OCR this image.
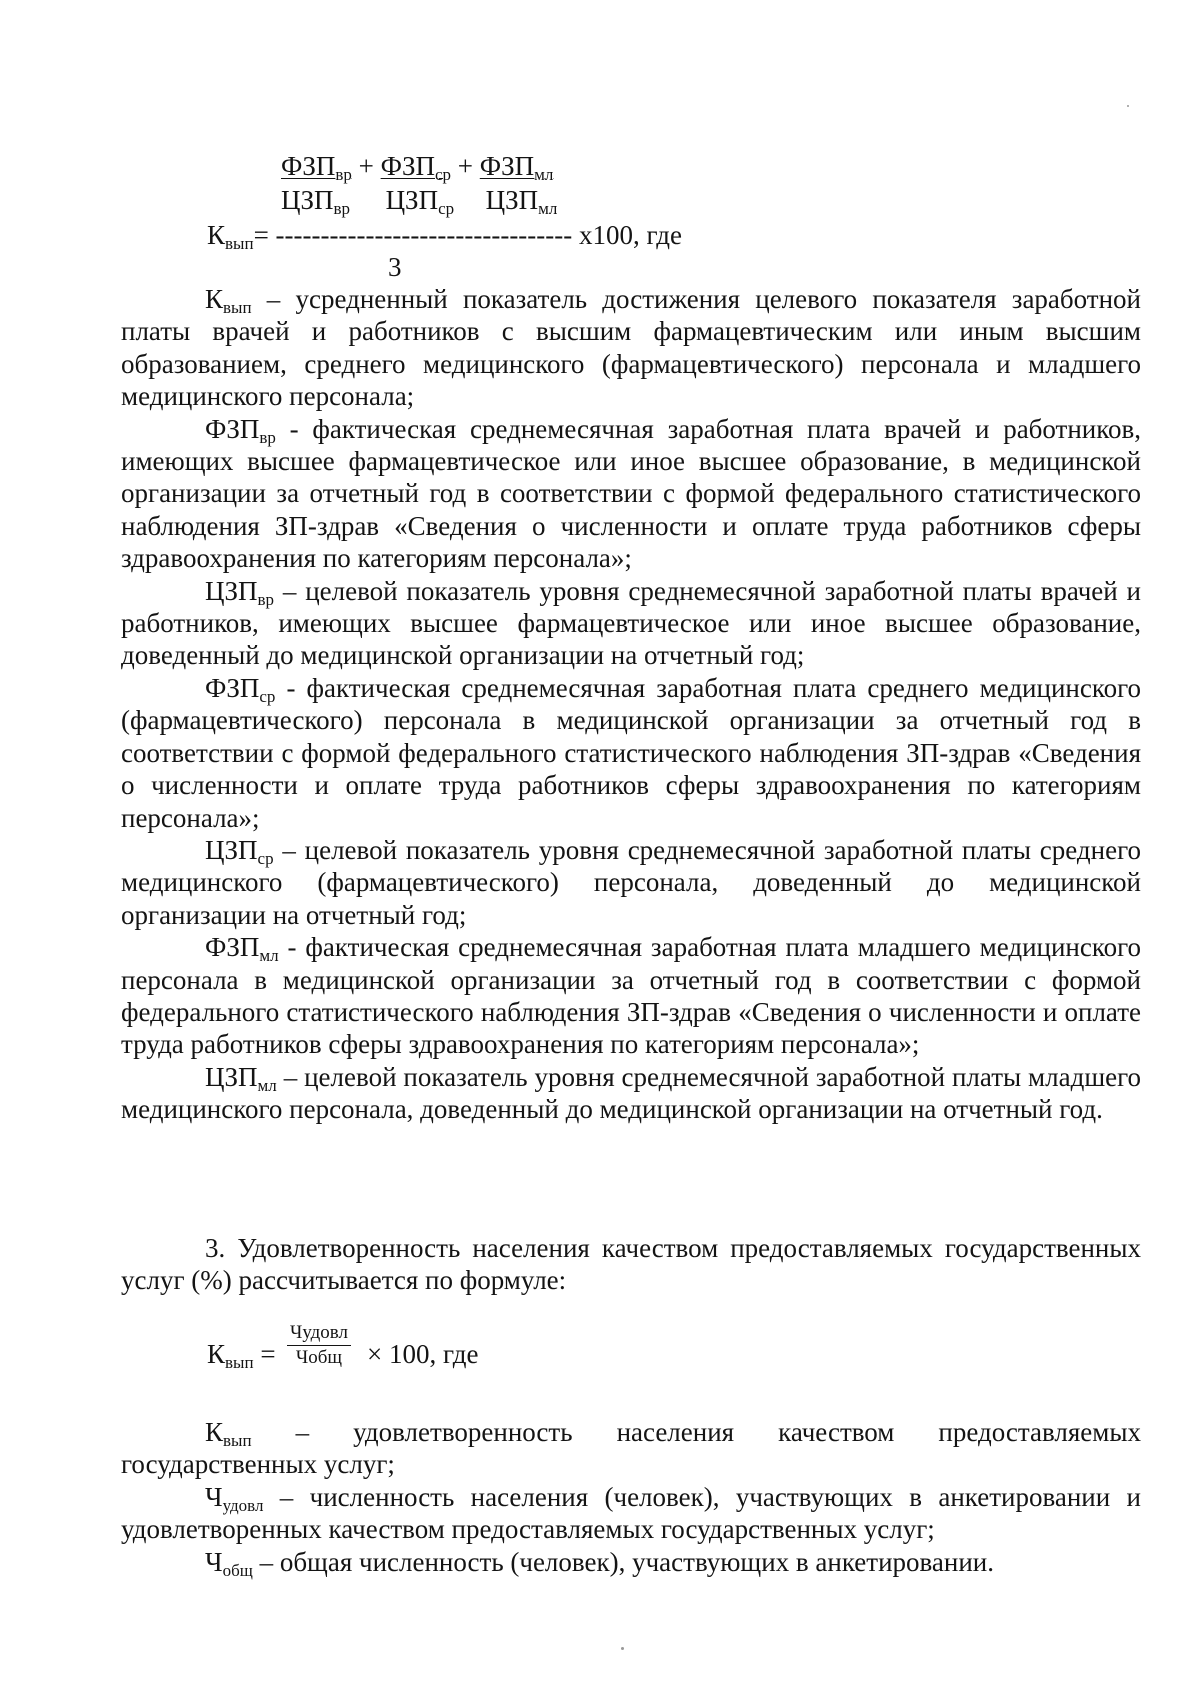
$ФЗП_{вр} + ФЗП_{ср} + ФЗП_{мл}$
$ЦЗП_{вр}$ $ЦЗП_{ср}$ $ЦЗП_{мл}$
$К_{вып}=$ --------------------------------- х100, где
3

$К_{вып}$ – усредненный показатель достижения целевого показателя заработной платы врачей и работников с высшим фармацевтическим или иным высшим образованием, среднего медицинского (фармацевтического) персонала и младшего медицинского персонала;

$ФЗП_{вр}$ - фактическая среднемесячная заработная плата врачей и работников, имеющих высшее фармацевтическое или иное высшее образование, в медицинской организации за отчетный год в соответствии с формой федерального статистического наблюдения ЗП-здрав «Сведения о численности и оплате труда работников сферы здравоохранения по категориям персонала»;

$ЦЗП_{вр}$ – целевой показатель уровня среднемесячной заработной платы врачей и работников, имеющих высшее фармацевтическое или иное высшее образование, доведенный до медицинской организации на отчетный год;

$ФЗП_{ср}$ - фактическая среднемесячная заработная плата среднего медицинского (фармацевтического) персонала в медицинской организации за отчетный год в соответствии с формой федерального статистического наблюдения ЗП-здрав «Сведения о численности и оплате труда работников сферы здравоохранения по категориям персонала»;

$ЦЗП_{ср}$ – целевой показатель уровня среднемесячной заработной платы среднего медицинского (фармацевтического) персонала, доведенный до медицинской организации на отчетный год;

$ФЗП_{мл}$ - фактическая среднемесячная заработная плата младшего медицинского персонала в медицинской организации за отчетный год в соответствии с формой федерального статистического наблюдения ЗП-здрав «Сведения о численности и оплате труда работников сферы здравоохранения по категориям персонала»;

$ЦЗП_{мл}$ – целевой показатель уровня среднемесячной заработной платы младшего медицинского персонала, доведенный до медицинской организации на отчетный год.

3. Удовлетворенность населения качеством предоставляемых государственных услуг (%) рассчитывается по формуле:

$К_{вып}$ =
Чудовл
Чобщ × 100, где

$К_{вып}$ – удовлетворенность населения качеством предоставляемых государственных услуг;

$Ч_{удовл}$ – численность населения (человек), участвующих в анкетировании и удовлетворенных качеством предоставляемых государственных услуг;

$Ч_{общ}$ – общая численность (человек), участвующих в анкетировании.
